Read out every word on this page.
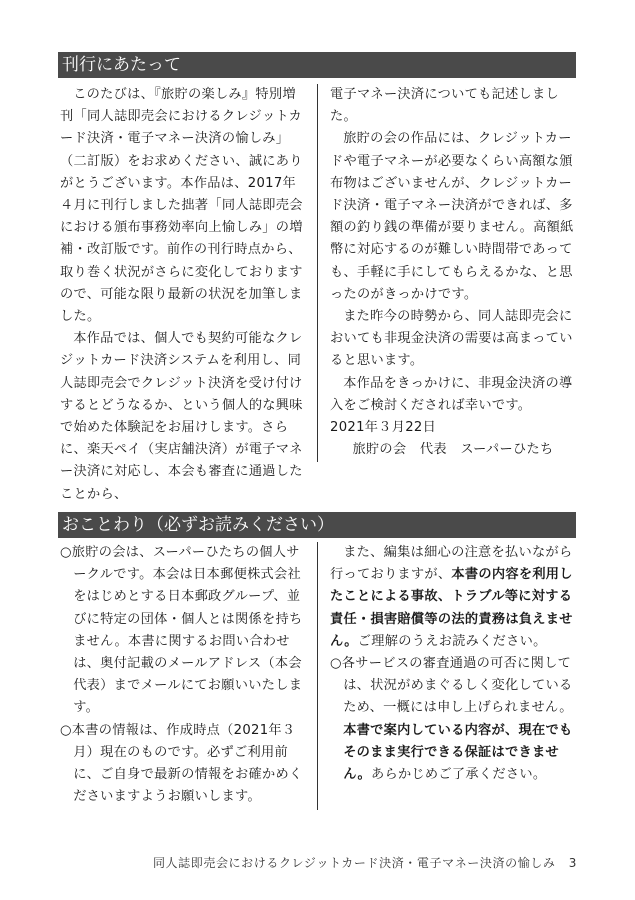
刊行にあたって

このたびは、『旅貯の楽しみ』特別増刊「同人誌即売会におけるクレジットカード決済・電子マネー決済の愉しみ」（二訂版）をお求めください、誠にありがとうございます。本作品は、2017年４月に刊行しました拙著「同人誌即売会における頒布事務効率向上愉しみ」の増補・改訂版です。前作の刊行時点から、取り巻く状況がさらに変化しておりますので、可能な限り最新の状況を加筆しました。

本作品では、個人でも契約可能なクレジットカード決済システムを利用し、同人誌即売会でクレジット決済を受け付けするとどうなるか、という個人的な興味で始めた体験記をお届けします。さらに、楽天ペイ（実店舗決済）が電子マネー決済に対応し、本会も審査に通過したことから、

電子マネー決済についても記述しました。

旅貯の会の作品には、クレジットカードや電子マネーが必要なくらい高額な頒布物はございませんが、クレジットカード決済・電子マネー決済ができれば、多額の釣り銭の準備が要りません。高額紙幣に対応するのが難しい時間帯であっても、手軽に手にしてもらえるかな、と思ったのがきっかけです。

また昨今の時勢から、同人誌即売会においても非現金決済の需要は高まっていると思います。

本作品をきっかけに、非現金決済の導入をご検討くだされば幸いです。

2021年３月22日

旅貯の会　代表　スーパーひたち

おことわり（必ずお読みください）

○旅貯の会は、スーパーひたちの個人サークルです。本会は日本郵便株式会社をはじめとする日本郵政グループ、並びに特定の団体・個人とは関係を持ちません。本書に関するお問い合わせは、奥付記載のメールアドレス（本会代表）までメールにてお願いいたします。

○本書の情報は、作成時点（2021年３月）現在のものです。必ずご利用前に、ご自身で最新の情報をお確かめくださいますようお願いします。

また、編集は細心の注意を払いながら行っておりますが、本書の内容を利用したことによる事故、トラブル等に対する責任・損害賠償等の法的責務は負えません。ご理解のうえお読みください。

○各サービスの審査通過の可否に関しては、状況がめまぐるしく変化しているため、一概には申し上げられません。本書で案内している内容が、現在でもそのまま実行できる保証はできません。あらかじめご了承ください。

同人誌即売会におけるクレジットカード決済・電子マネー決済の愉しみ 3
